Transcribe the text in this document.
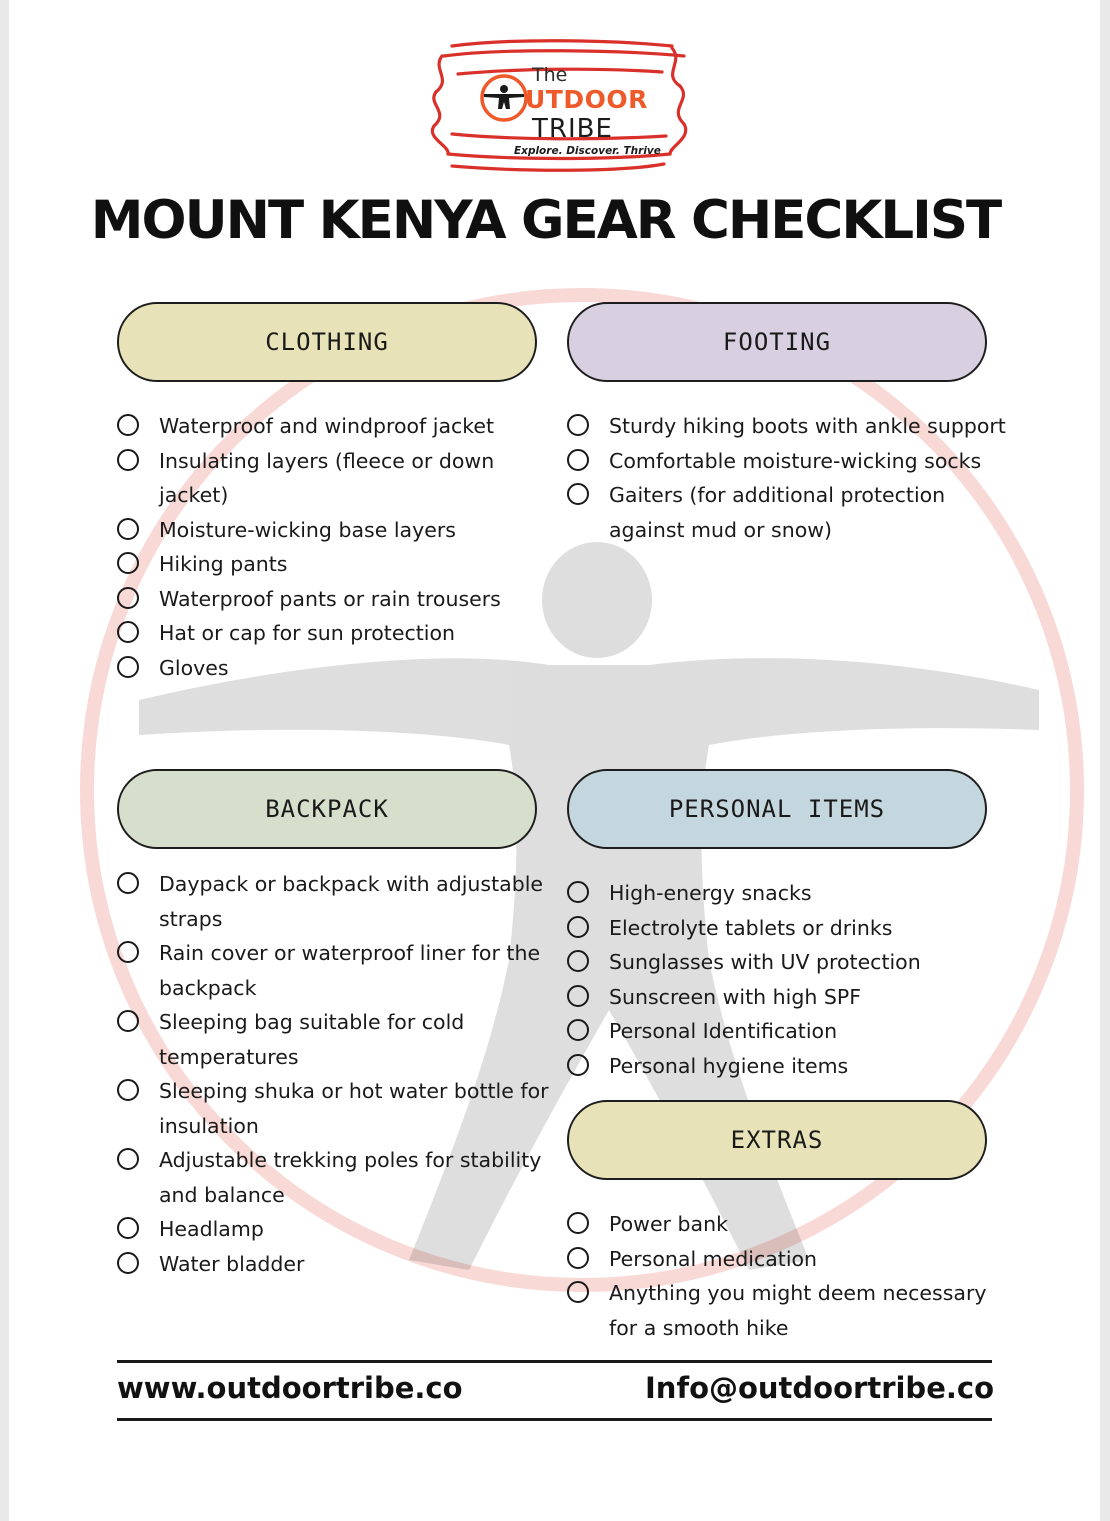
The
UTDOOR
TRIBE
Explore. Discover. Thrive
MOUNT KENYA GEAR CHECKLIST
CLOTHING
Waterproof and windproof jacket
Insulating layers (fleece or down jacket)
Moisture-wicking base layers
Hiking pants
Waterproof pants or rain trousers
Hat or cap for sun protection
Gloves
FOOTING
Sturdy hiking boots with ankle support
Comfortable moisture-wicking socks
Gaiters (for additional protection against mud or snow)
BACKPACK
Daypack or backpack with adjustable straps
Rain cover or waterproof liner for the backpack
Sleeping bag suitable for cold temperatures
Sleeping shuka or hot water bottle for insulation
Adjustable trekking poles for stability and balance
Headlamp
Water bladder
PERSONAL ITEMS
High-energy snacks
Electrolyte tablets or drinks
Sunglasses with UV protection
Sunscreen with high SPF
Personal Identification
Personal hygiene items
EXTRAS
Power bank
Personal medication
Anything you might deem necessary for a smooth hike
www.outdoortribe.co	Info@outdoortribe.co
